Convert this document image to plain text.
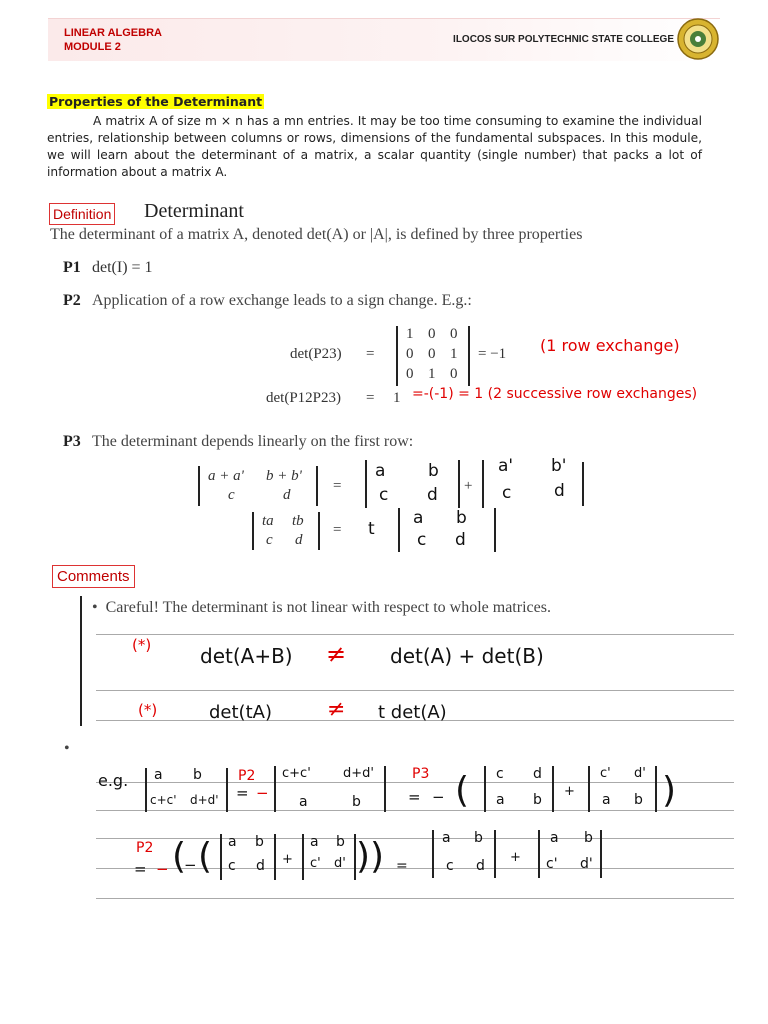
LINEAR ALGEBRA
MODULE 2
ILOCOS SUR POLYTECHNIC STATE COLLEGE
Properties of the Determinant
A matrix A of size m × n has a mn entries. It may be too time consuming to examine the individual entries, relationship between columns or rows, dimensions of the fundamental subspaces. In this module, we will learn about the determinant of a matrix, a scalar quantity (single number) that packs a lot of information about a matrix A.
Definition Determinant
The determinant of a matrix A, denoted det(A) or |A|, is defined by three properties
P1 det(I) = 1
P2 Application of a row exchange leads to a sign change. E.g.:
det(P23) =
1 0 0
0 0 1
0 1 0
= −1 (1 row exchange)
det(P12P23) = 1 =-(-1) = 1 (2 successive row exchanges)
P3 The determinant depends linearly on the first row:
a + a' b + b'
c	d
=
a	b
c d +
a' b'
c	d
ta tb
c d
= t
a b
c d
Comments
•  Careful! The determinant is not linear with respect to whole matrices.
(*) det(A+B) ≠ det(A) + det(B)
(*)	det(tA)	≠ t det(A)
•
e.g. a b
c+c' d+d'
P2
= −
c+c' d+d'
a	b
P3
= − ( c d
a b
+
c' d'
a b )
P2
= − (
− ( a b
c d +
a b
c' d' )) =
a b
c d
+
a b
c' d'
